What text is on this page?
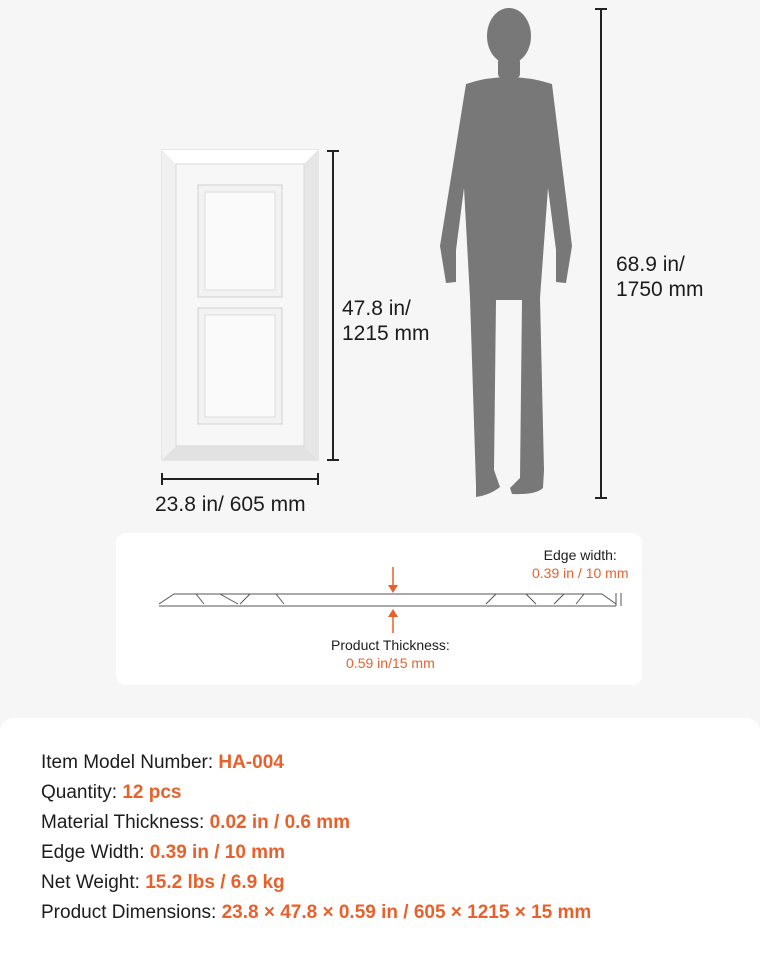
47.8 in/
1215 mm
23.8 in/ 605 mm
68.9 in/
1750 mm
Edge width:
0.39 in / 10 mm
Product Thickness:
0.59 in/15 mm
Item Model Number: HA-004
Quantity: 12 pcs
Material Thickness: 0.02 in / 0.6 mm
Edge Width: 0.39 in / 10 mm
Net Weight: 15.2 lbs / 6.9 kg
Product Dimensions: 23.8 × 47.8 × 0.59 in / 605 × 1215 × 15 mm
